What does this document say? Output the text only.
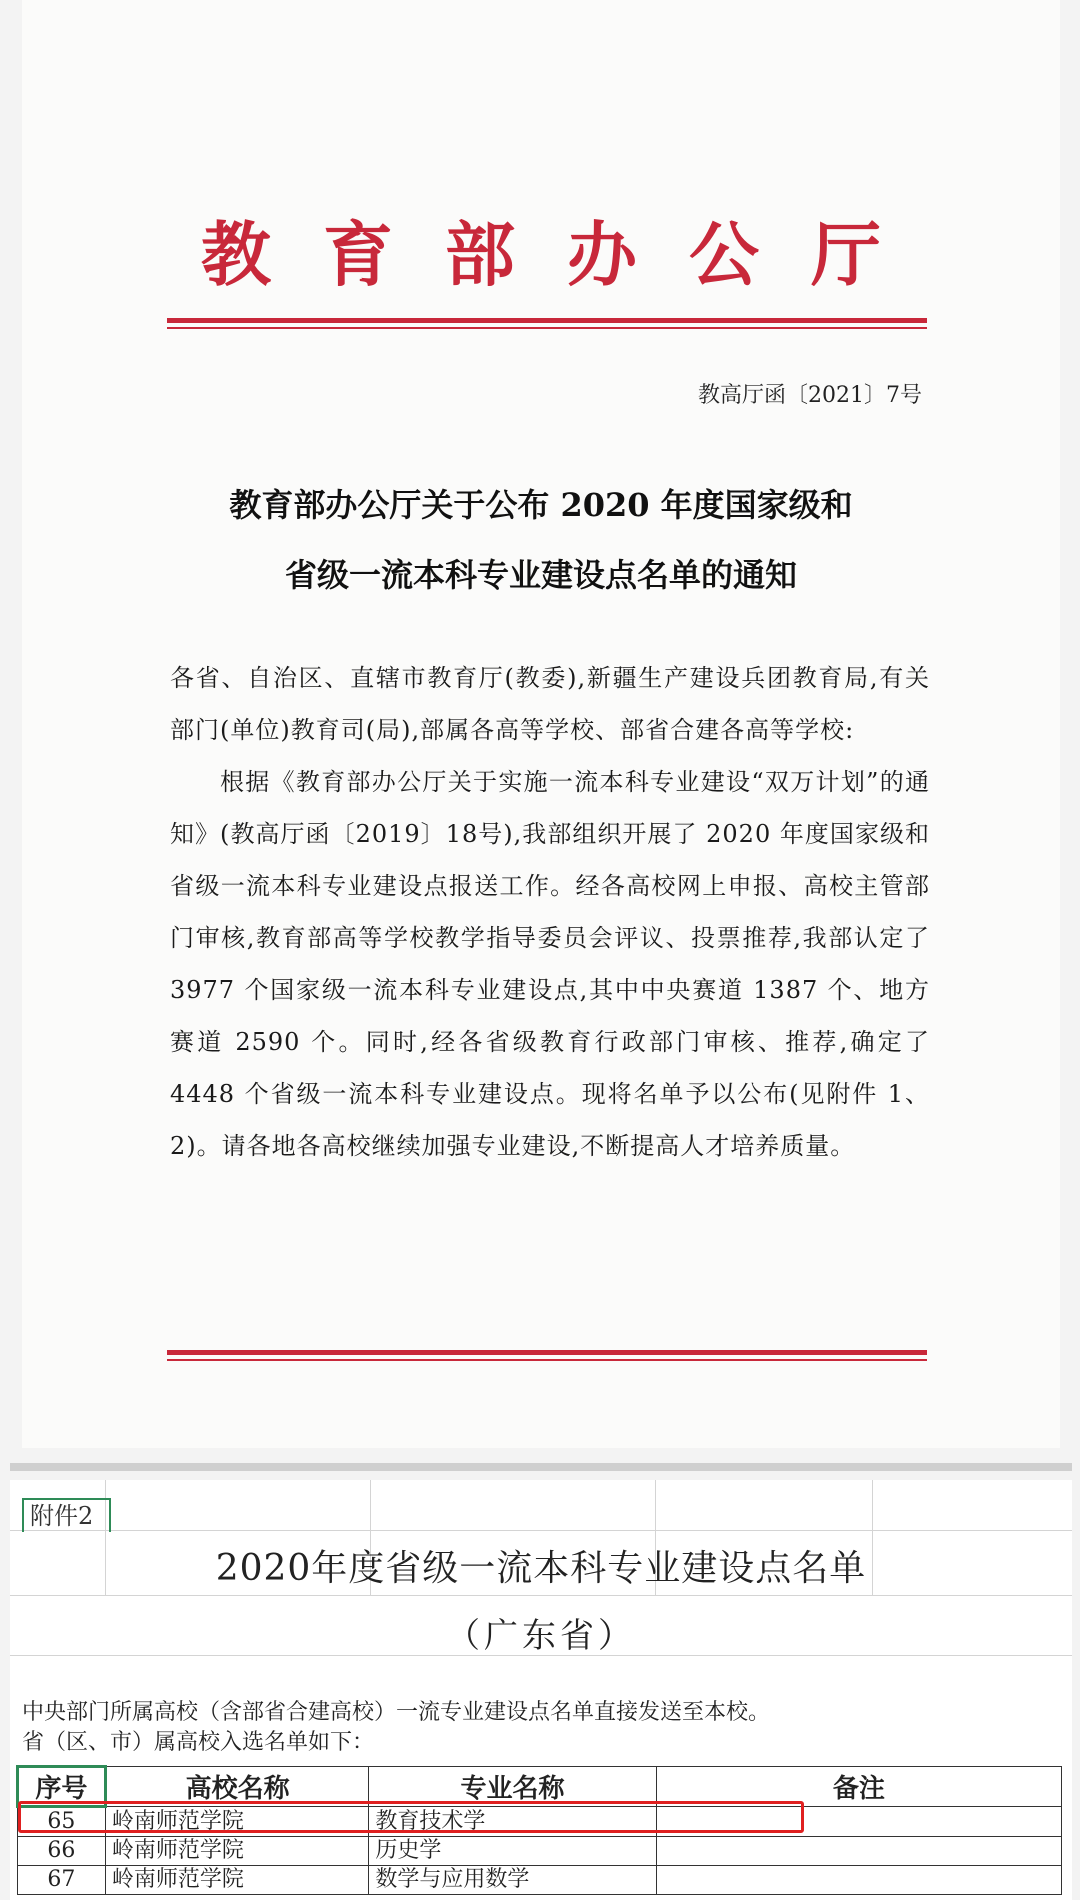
教育部办公厅
教高厅函〔2021〕7号
教育部办公厅关于公布 2020 年度国家级和
省级一流本科专业建设点名单的通知

各省、自治区、直辖市教育厅(教委),新疆生产建设兵团教育局,有关部门(单位)教育司(局),部属各高等学校、部省合建各高等学校:

根据《教育部办公厅关于实施一流本科专业建设“双万计划”的通知》(教高厅函〔2019〕18号),我部组织开展了 2020 年度国家级和省级一流本科专业建设点报送工作。经各高校网上申报、高校主管部门审核,教育部高等学校教学指导委员会评议、投票推荐,我部认定了 3977 个国家级一流本科专业建设点,其中中央赛道 1387 个、地方赛道 2590 个。同时,经各省级教育行政部门审核、推荐,确定了 4448 个省级一流本科专业建设点。现将名单予以公布(见附件 1、2)。请各地各高校继续加强专业建设,不断提高人才培养质量。

附件2
2020年度省级一流本科专业建设点名单
（广东省）
中央部门所属高校（含部省合建高校）一流专业建设点名单直接发送至本校。
省（区、市）属高校入选名单如下：
序号	高校名称	专业名称	备注
65	岭南师范学院	教育技术学	
66	岭南师范学院	历史学	
67	岭南师范学院	数学与应用数学	
